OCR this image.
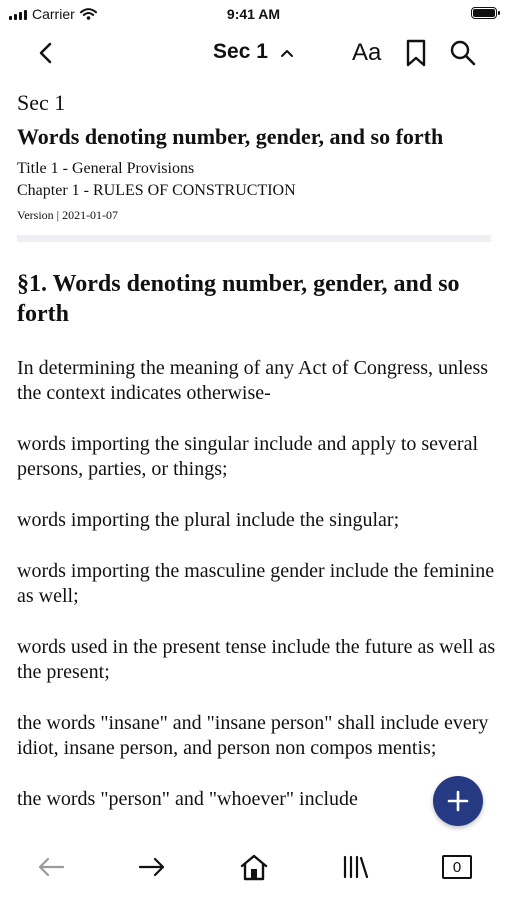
Carrier	9:41 AM
Sec 1	Aa
Sec 1
Words denoting number, gender, and so forth
Title 1 - General Provisions
Chapter 1 - RULES OF CONSTRUCTION
Version | 2021-01-07
§1. Words denoting number, gender, and so forth

In determining the meaning of any Act of Congress, unless the context indicates otherwise-

words importing the singular include and apply to several persons, parties, or things;

words importing the plural include the singular;

words importing the masculine gender include the feminine as well;

words used in the present tense include the future as well as the present;

the words "insane" and "insane person" shall include every idiot, insane person, and person non compos mentis;

the words "person" and "whoever" include

0
